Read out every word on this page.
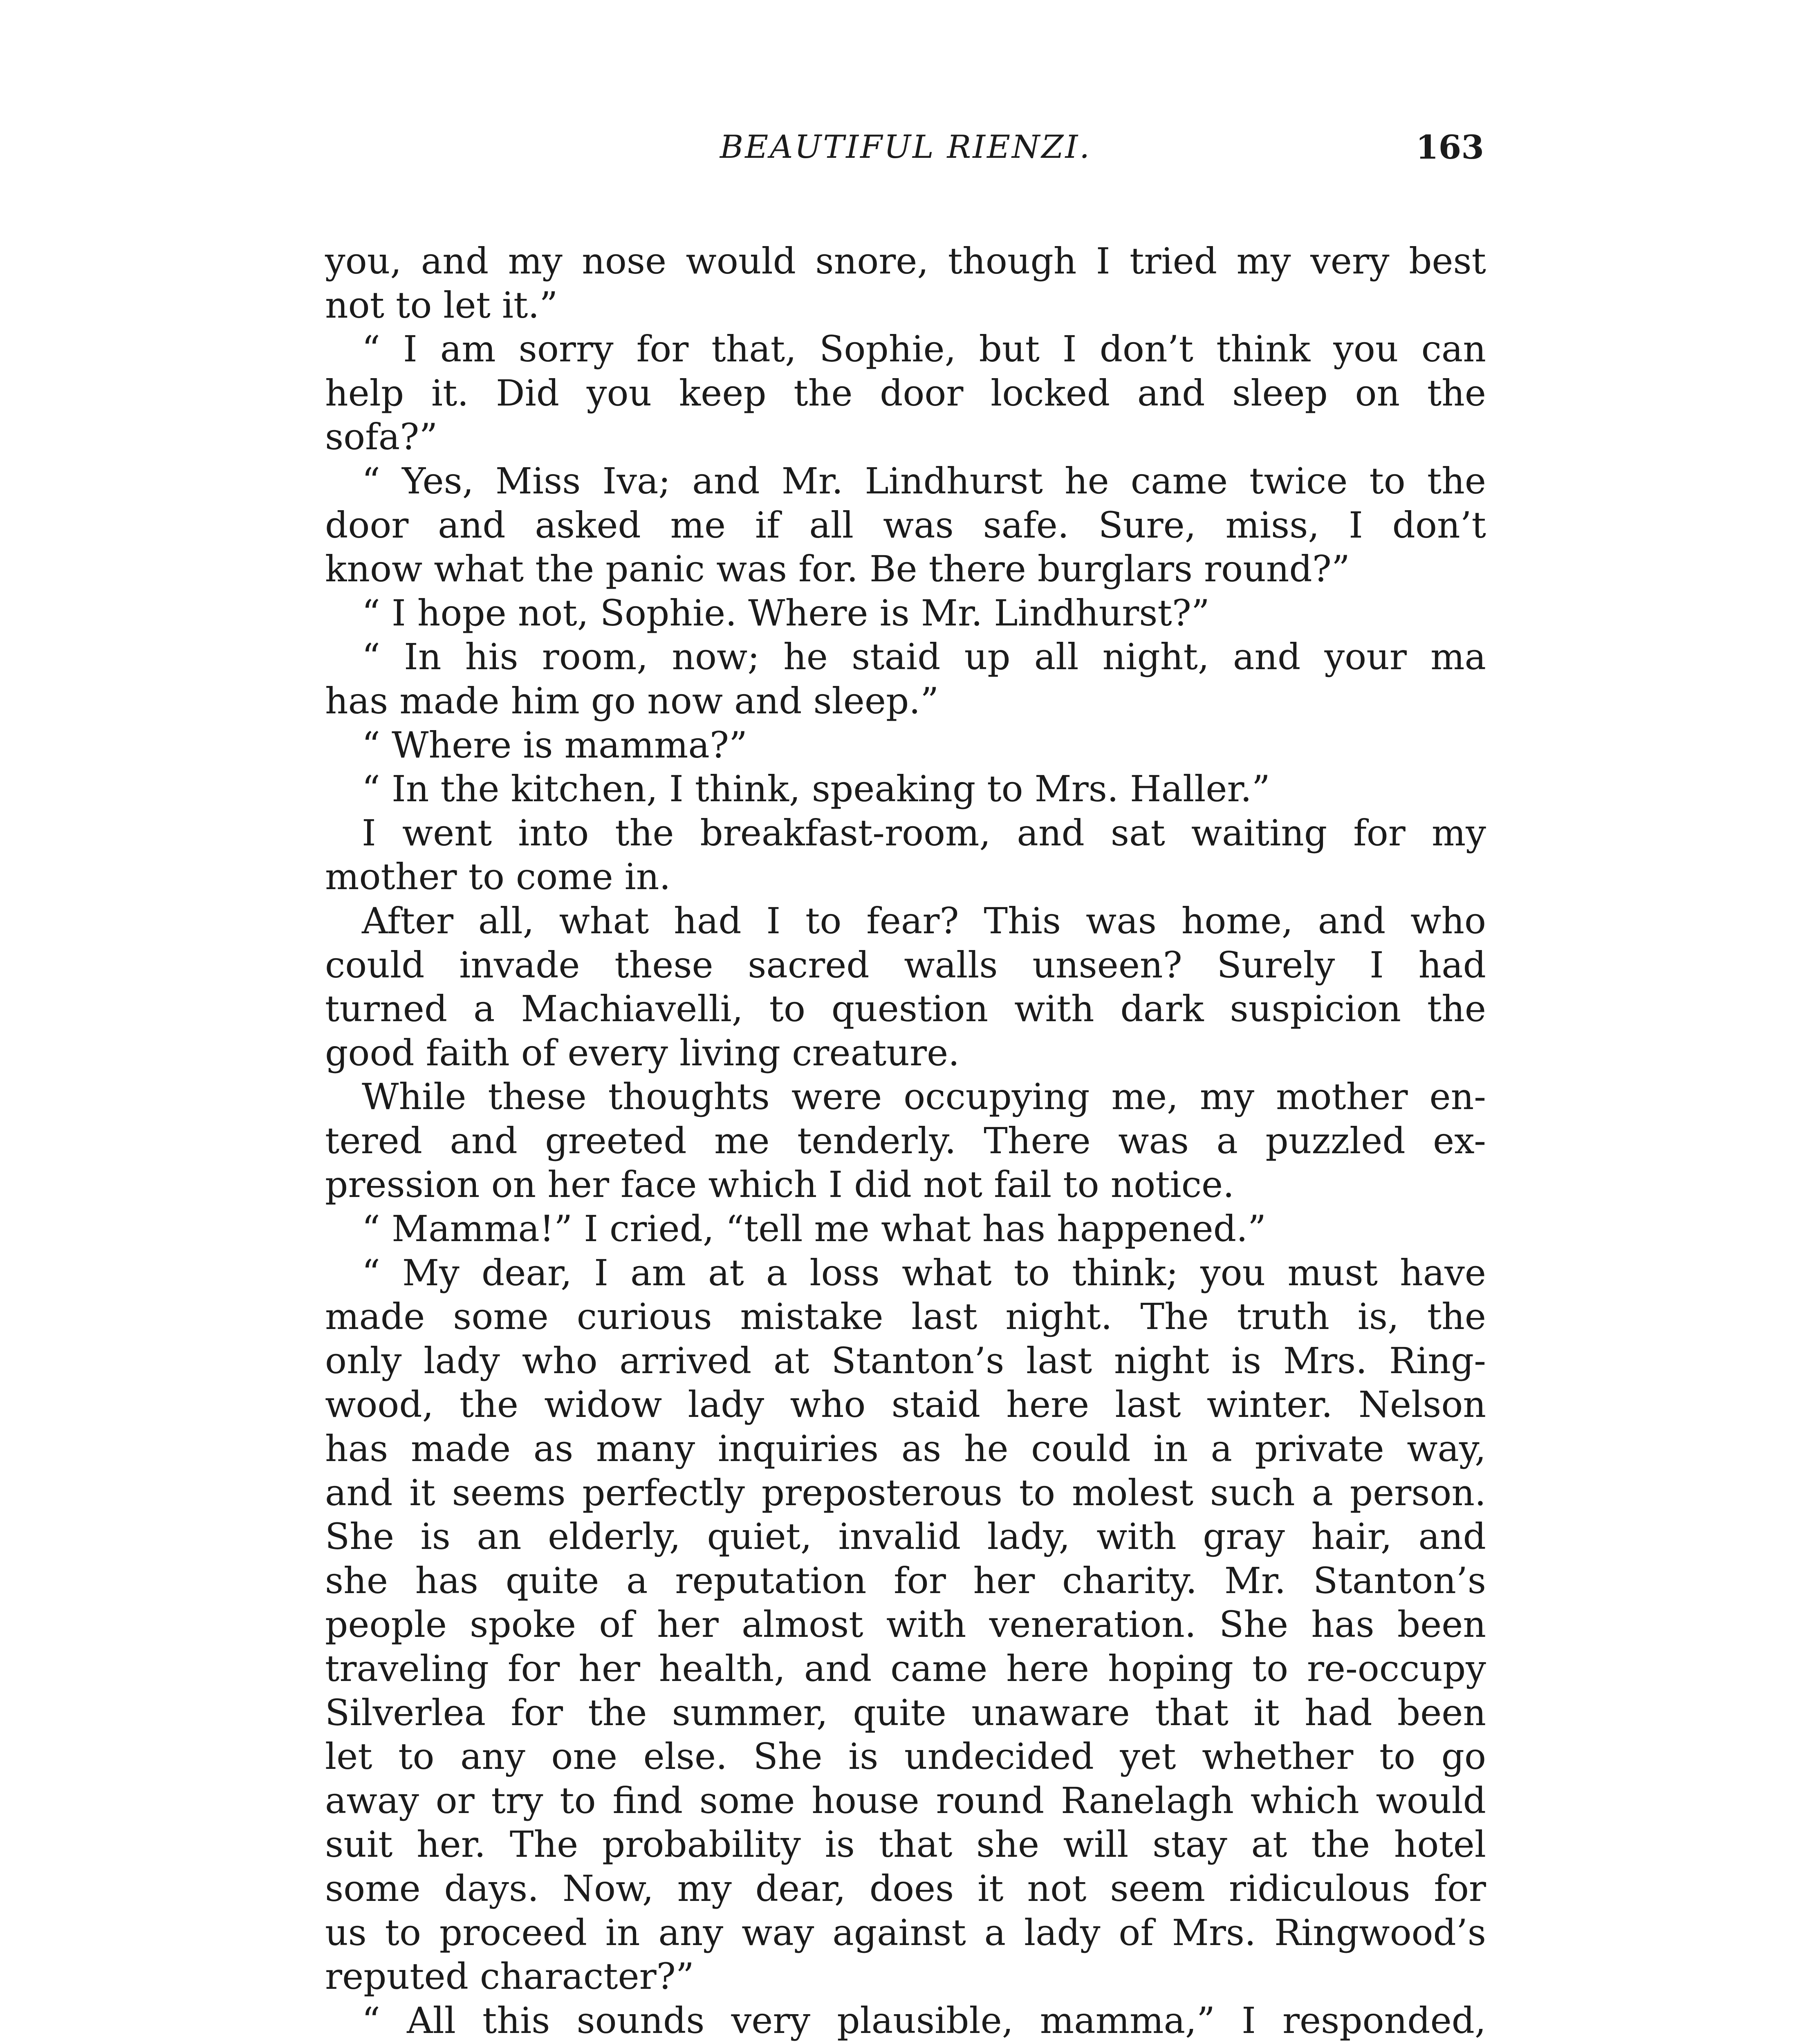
BEAUTIFUL RIENZI.	163
you, and my nose would snore, though I tried my very best
not to let it.”
“ I am sorry for that, Sophie, but I don’t think you can
help it. Did you keep the door locked and sleep on the
sofa?”
“ Yes, Miss Iva; and Mr. Lindhurst he came twice to the
door and asked me if all was safe. Sure, miss, I don’t
know what the panic was for. Be there burglars round?”
“ I hope not, Sophie. Where is Mr. Lindhurst?”
“ In his room, now; he staid up all night, and your ma
has made him go now and sleep.”
“ Where is mamma?”
“ In the kitchen, I think, speaking to Mrs. Haller.”
I went into the breakfast-room, and sat waiting for my
mother to come in.
After all, what had I to fear? This was home, and who
could invade these sacred walls unseen? Surely I had
turned a Machiavelli, to question with dark suspicion the
good faith of every living creature.
While these thoughts were occupying me, my mother en-
tered and greeted me tenderly. There was a puzzled ex-
pression on her face which I did not fail to notice.
“ Mamma!” I cried, “tell me what has happened.”
“ My dear, I am at a loss what to think; you must have
made some curious mistake last night. The truth is, the
only lady who arrived at Stanton’s last night is Mrs. Ring-
wood, the widow lady who staid here last winter. Nelson
has made as many inquiries as he could in a private way,
and it seems perfectly preposterous to molest such a person.
She is an elderly, quiet, invalid lady, with gray hair, and
she has quite a reputation for her charity. Mr. Stanton’s
people spoke of her almost with veneration. She has been
traveling for her health, and came here hoping to re-occupy
Silverlea for the summer, quite unaware that it had been
let to any one else. She is undecided yet whether to go
away or try to find some house round Ranelagh which would
suit her. The probability is that she will stay at the hotel
some days. Now, my dear, does it not seem ridiculous for
us to proceed in any way against a lady of Mrs. Ringwood’s
reputed character?”
“ All this sounds very plausible, mamma,” I responded,
